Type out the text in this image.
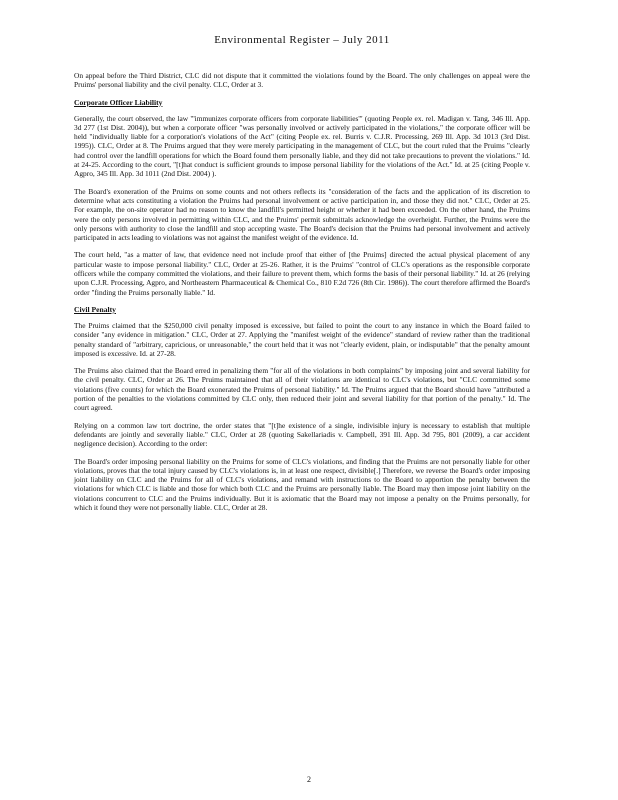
Environmental Register – July 2011
On appeal before the Third District, CLC did not dispute that it committed the violations found by the Board. The only challenges on appeal were the Pruims' personal liability and the civil penalty. CLC, Order at 3.
Corporate Officer Liability
Generally, the court observed, the law "'immunizes corporate officers from corporate liabilities'" (quoting People ex. rel. Madigan v. Tang, 346 Ill. App. 3d 277 (1st Dist. 2004)), but when a corporate officer "was personally involved or actively participated in the violations," the corporate officer will be held "individually liable for a corporation's violations of the Act" (citing People ex. rel. Burris v. C.J.R. Processing, 269 Ill. App. 3d 1013 (3rd Dist. 1995)). CLC, Order at 8. The Pruims argued that they were merely participating in the management of CLC, but the court ruled that the Pruims "clearly had control over the landfill operations for which the Board found them personally liable, and they did not take precautions to prevent the violations." Id. at 24-25. According to the court, "[t]hat conduct is sufficient grounds to impose personal liability for the violations of the Act." Id. at 25 (citing People v. Agpro, 345 Ill. App. 3d 1011 (2nd Dist. 2004) ).
The Board's exoneration of the Pruims on some counts and not others reflects its "consideration of the facts and the application of its discretion to determine what acts constituting a violation the Pruims had personal involvement or active participation in, and those they did not." CLC, Order at 25. For example, the on-site operator had no reason to know the landfill's permitted height or whether it had been exceeded. On the other hand, the Pruims were the only persons involved in permitting within CLC, and the Pruims' permit submittals acknowledge the overheight. Further, the Pruims were the only persons with authority to close the landfill and stop accepting waste. The Board's decision that the Pruims had personal involvement and actively participated in acts leading to violations was not against the manifest weight of the evidence. Id.
The court held, "as a matter of law, that evidence need not include proof that either of [the Pruims] directed the actual physical placement of any particular waste to impose personal liability." CLC, Order at 25-26. Rather, it is the Pruims' "control of CLC's operations as the responsible corporate officers while the company committed the violations, and their failure to prevent them, which forms the basis of their personal liability." Id. at 26 (relying upon C.J.R. Processing, Agpro, and Northeastern Pharmaceutical & Chemical Co., 810 F.2d 726 (8th Cir. 1986)). The court therefore affirmed the Board's order "finding the Pruims personally liable." Id.
Civil Penalty
The Pruims claimed that the $250,000 civil penalty imposed is excessive, but failed to point the court to any instance in which the Board failed to consider "any evidence in mitigation." CLC, Order at 27. Applying the "manifest weight of the evidence" standard of review rather than the traditional penalty standard of "arbitrary, capricious, or unreasonable," the court held that it was not "clearly evident, plain, or indisputable" that the penalty amount imposed is excessive. Id. at 27-28.
The Pruims also claimed that the Board erred in penalizing them "for all of the violations in both complaints" by imposing joint and several liability for the civil penalty. CLC, Order at 26. The Pruims maintained that all of their violations are identical to CLC's violations, but "CLC committed some violations (five counts) for which the Board exonerated the Pruims of personal liability." Id. The Pruims argued that the Board should have "attributed a portion of the penalties to the violations committed by CLC only, then reduced their joint and several liability for that portion of the penalty." Id. The court agreed.
Relying on a common law tort doctrine, the order states that "[t]he existence of a single, indivisible injury is necessary to establish that multiple defendants are jointly and severally liable." CLC, Order at 28 (quoting Sakellariadis v. Campbell, 391 Ill. App. 3d 795, 801 (2009), a car accident negligence decision). According to the order:
The Board's order imposing personal liability on the Pruims for some of CLC's violations, and finding that the Pruims are not personally liable for other violations, proves that the total injury caused by CLC's violations is, in at least one respect, divisible[.] Therefore, we reverse the Board's order imposing joint liability on CLC and the Pruims for all of CLC's violations, and remand with instructions to the Board to apportion the penalty between the violations for which CLC is liable and those for which both CLC and the Pruims are personally liable. The Board may then impose joint liability on the violations concurrent to CLC and the Pruims individually. But it is axiomatic that the Board may not impose a penalty on the Pruims personally, for which it found they were not personally liable. CLC, Order at 28.
2
